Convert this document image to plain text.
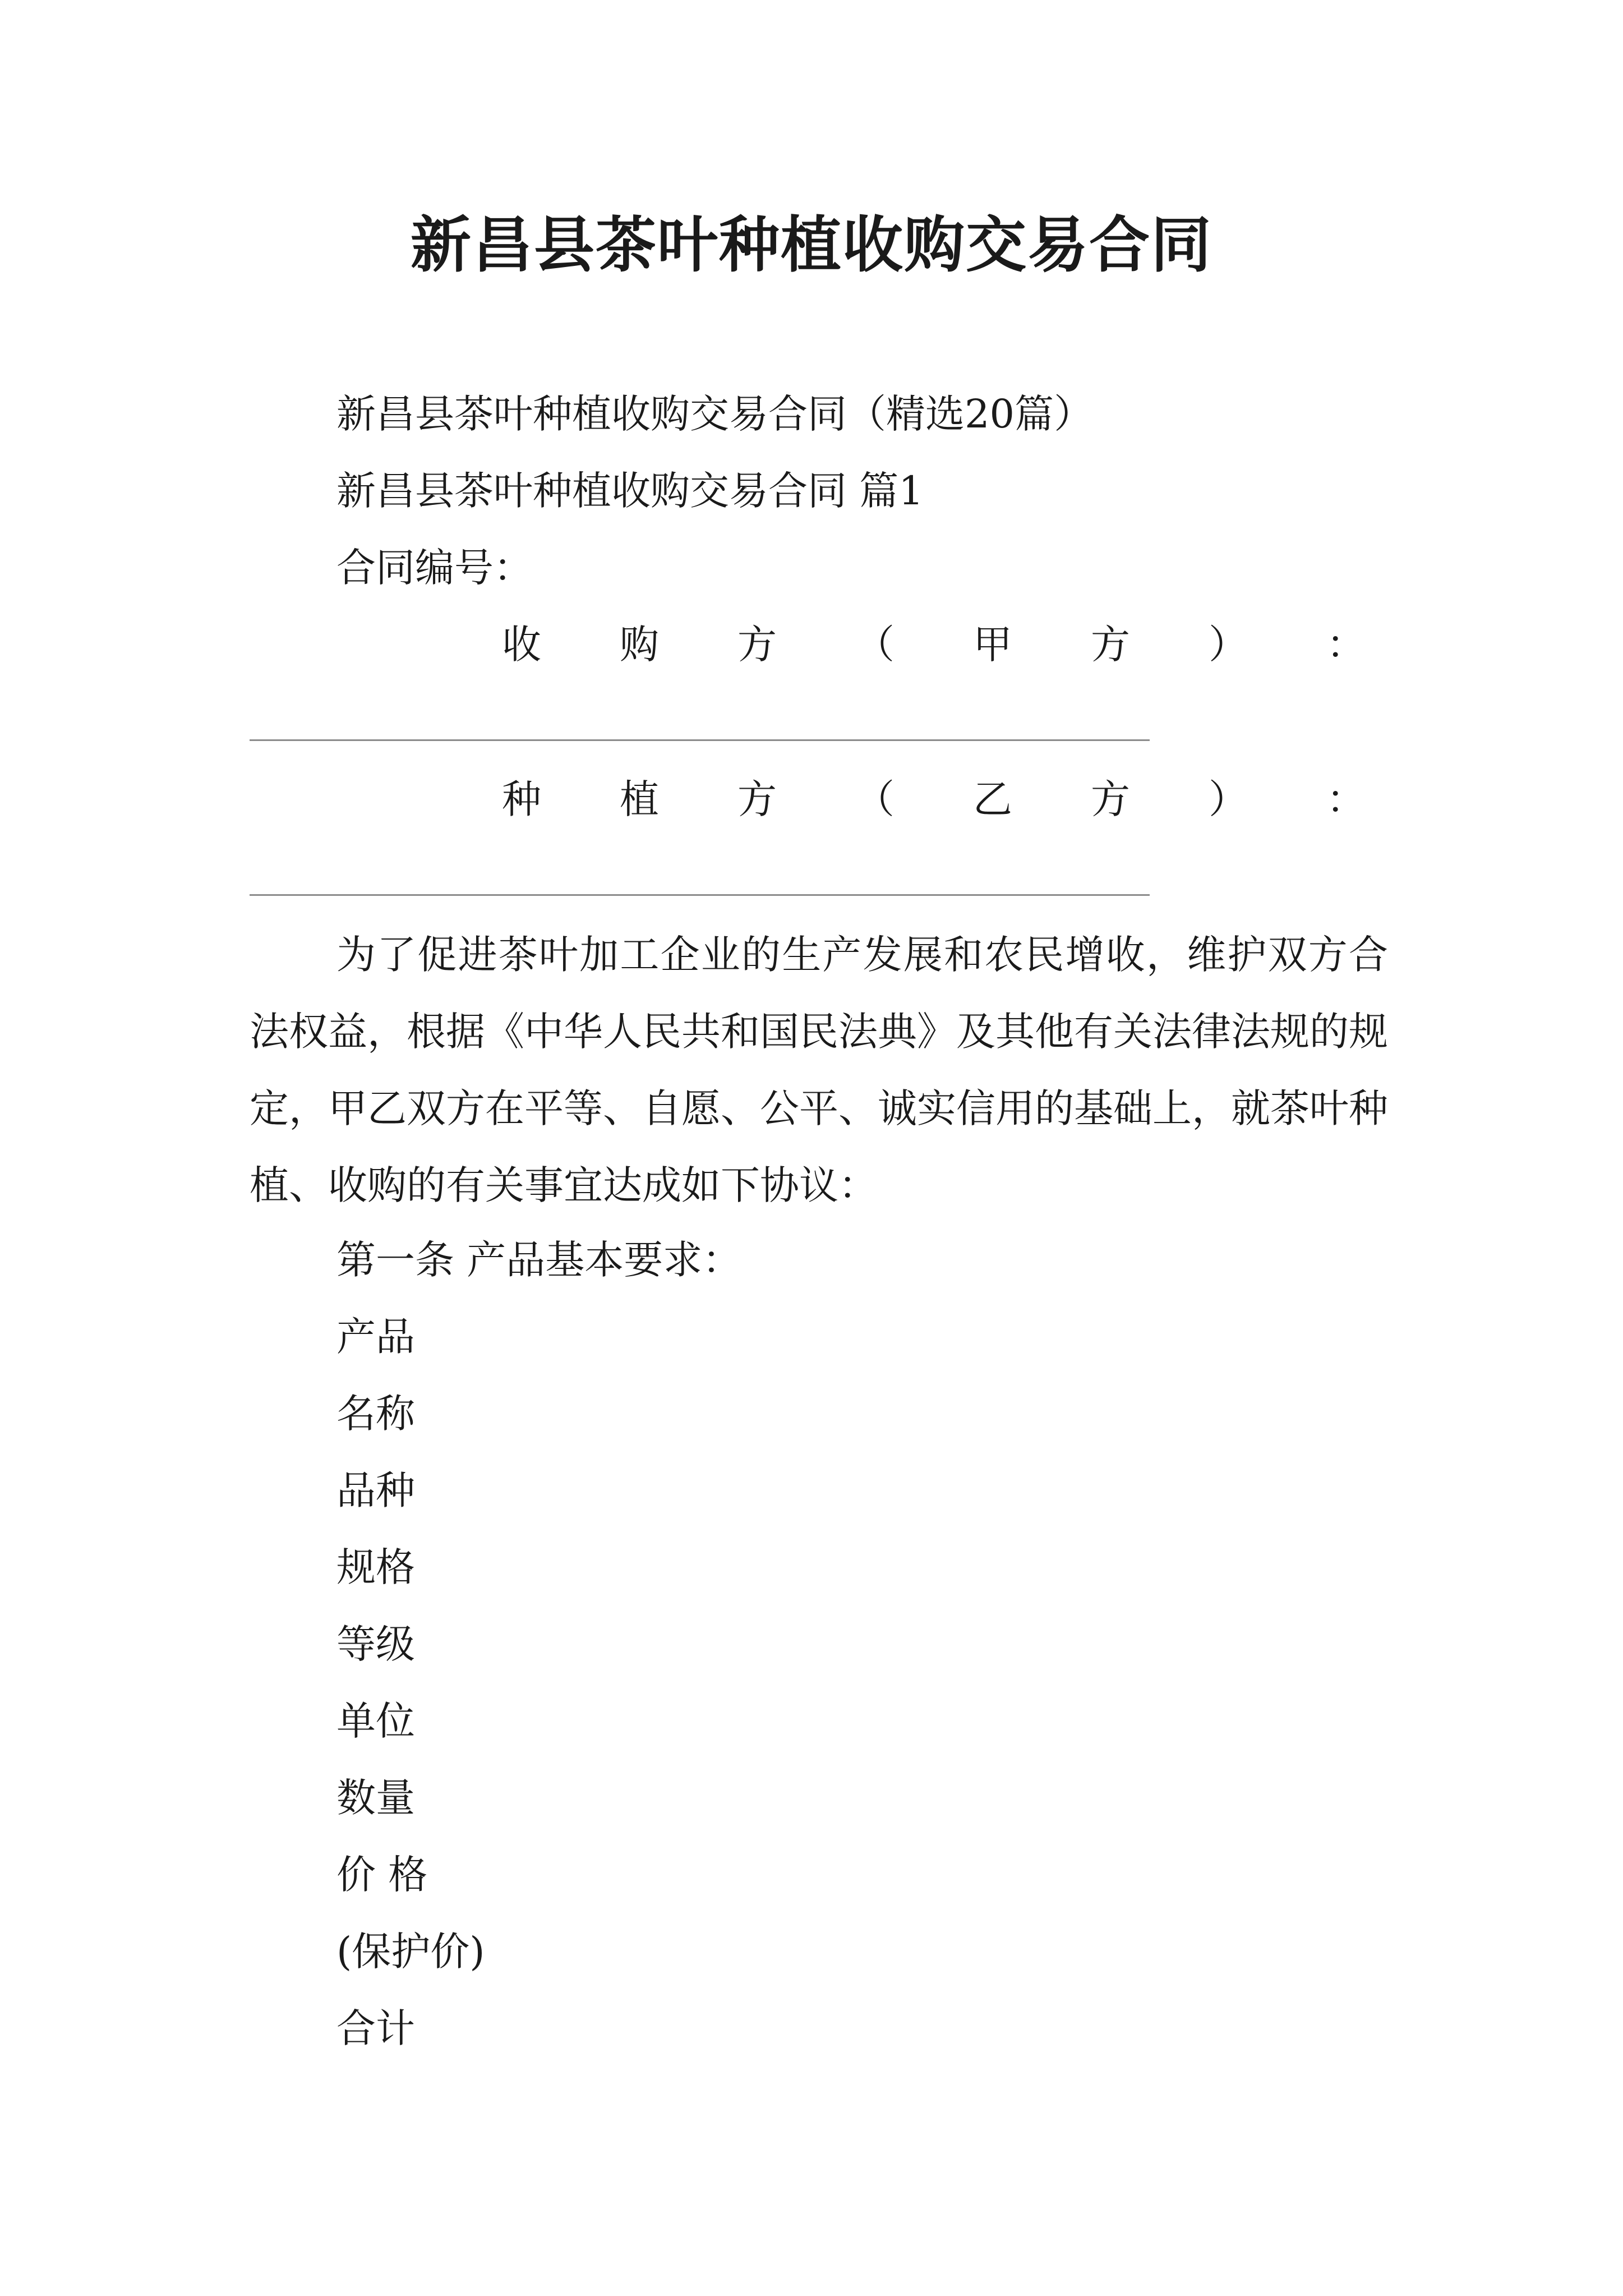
新昌县茶叶种植收购交易合同
新昌县茶叶种植收购交易合同（精选20篇）
新昌县茶叶种植收购交易合同 篇1
合同编号：
收 购 方 （ 甲 方 ） ：
种 植 方 （ 乙 方 ） ：
为了促进茶叶加工企业的生产发展和农民增收，维护双方合法权益，根据《中华人民共和国民法典》及其他有关法律法规的规定，甲乙双方在平等、自愿、公平、诚实信用的基础上，就茶叶种植、收购的有关事宜达成如下协议：
第一条 产品基本要求：
产品
名称
品种
规格
等级
单位
数量
价 格
(保护价)
合计
